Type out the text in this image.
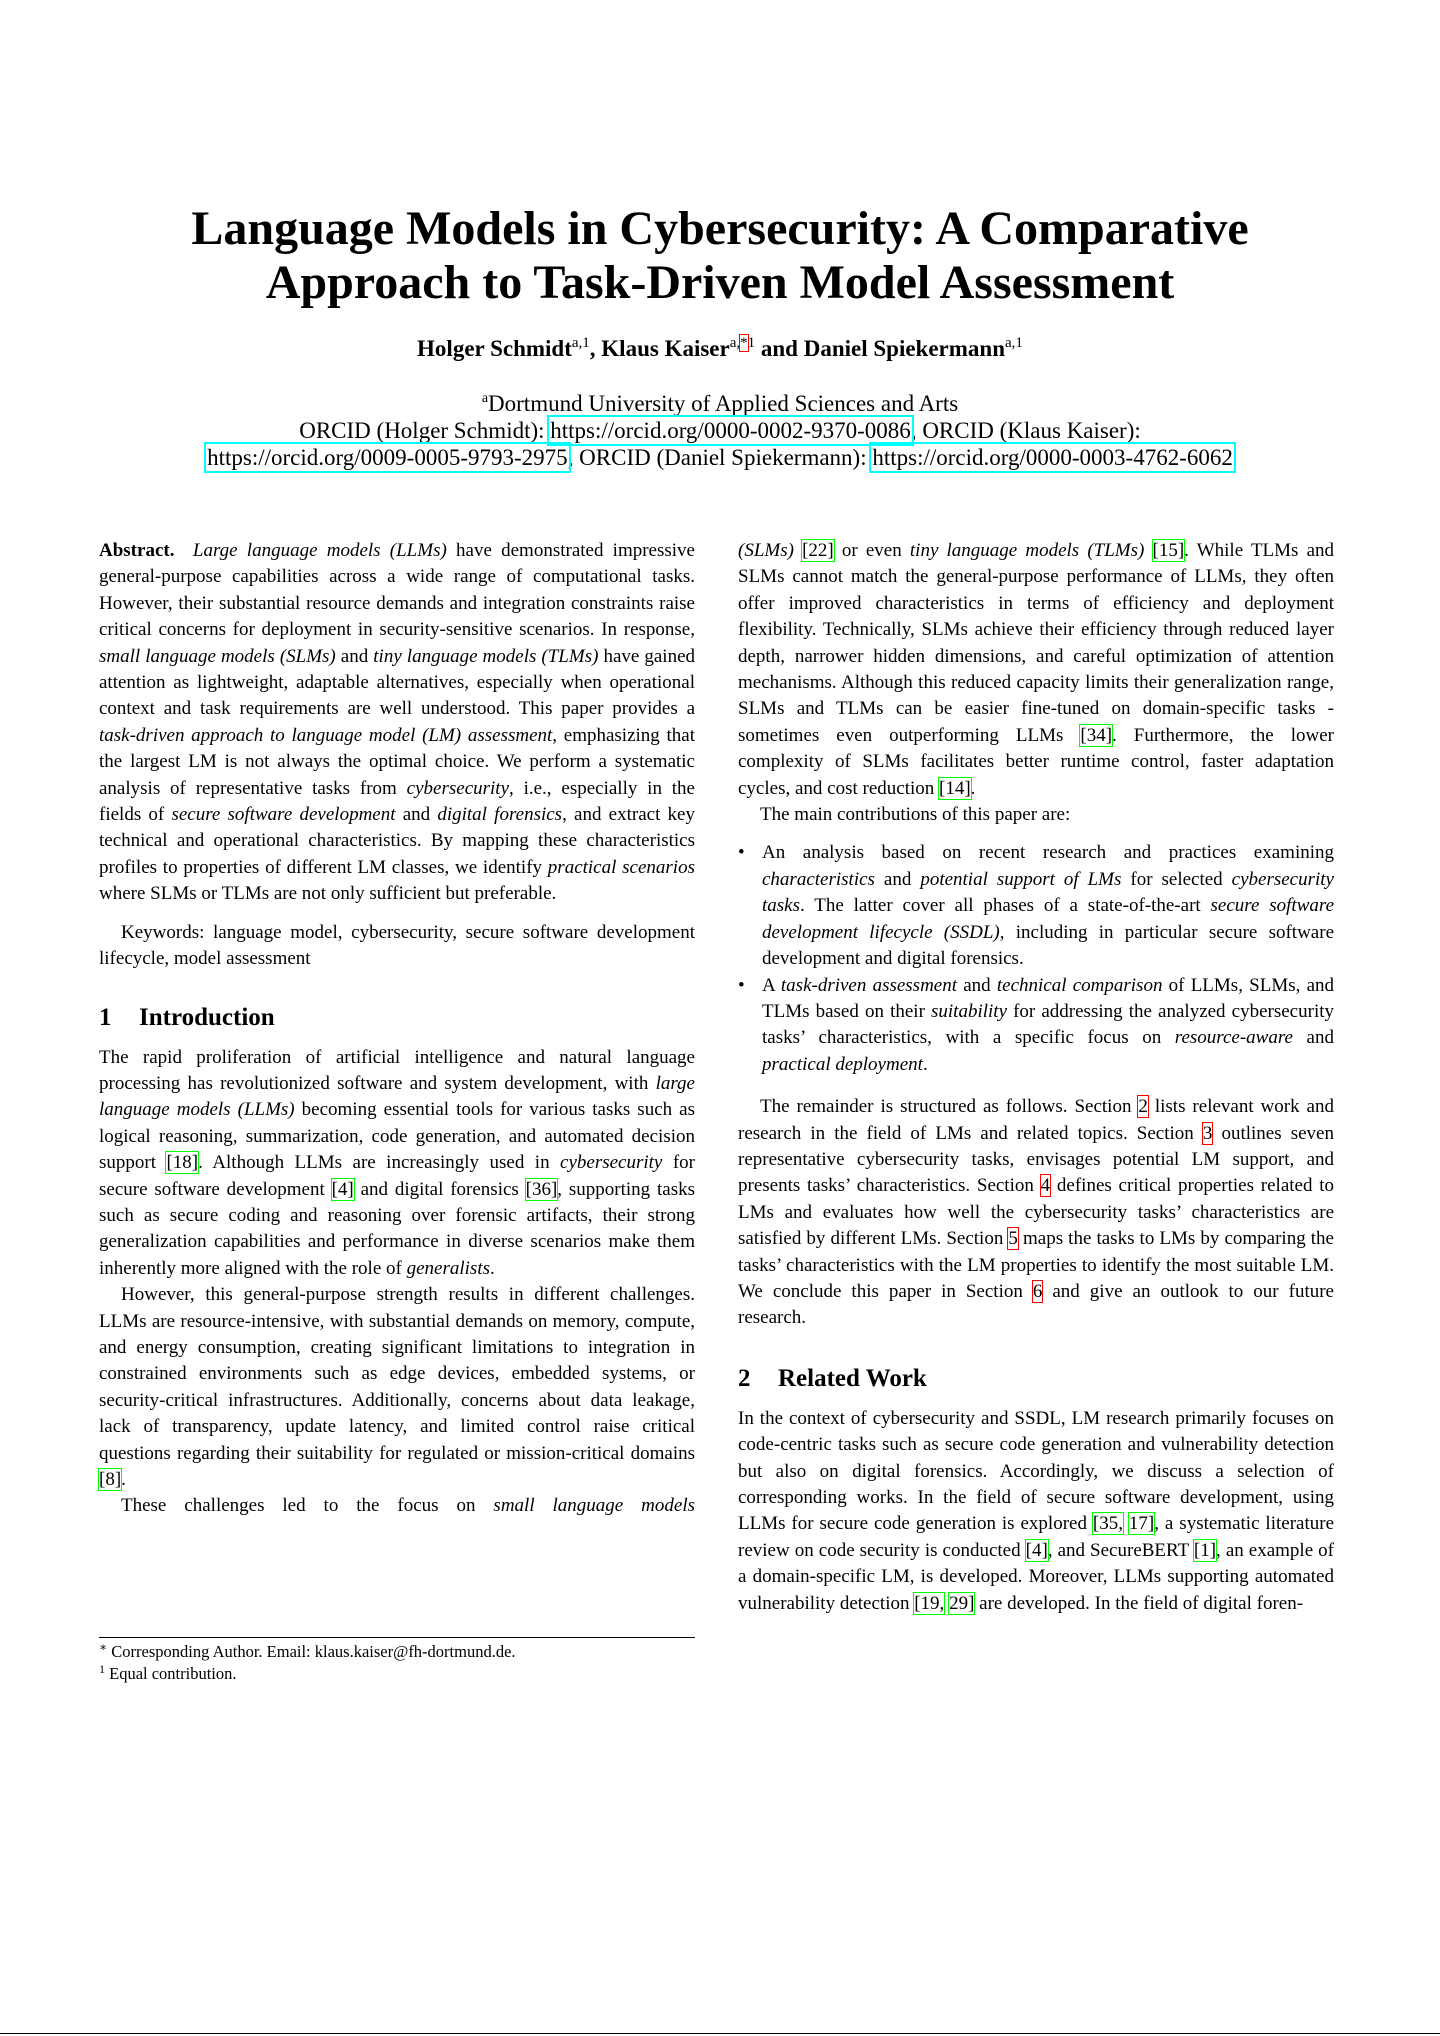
Language Models in Cybersecurity: A Comparative Approach to Task-Driven Model Assessment
Holger Schmidt$^{a,1}$, Klaus Kaiser$^{a,*1}$ and Daniel Spiekermann$^{a,1}$
$^a$Dortmund University of Applied Sciences and Arts
ORCID (Holger Schmidt): https://orcid.org/0000-0002-9370-0086, ORCID (Klaus Kaiser):
https://orcid.org/0009-0005-9793-2975, ORCID (Daniel Spiekermann): https://orcid.org/0000-0003-4762-6062

Abstract. Large language models (LLMs) have demonstrated impressive general-purpose capabilities across a wide range of computational tasks. However, their substantial resource demands and integration constraints raise critical concerns for deployment in security-sensitive scenarios. In response, small language models (SLMs) and tiny language models (TLMs) have gained attention as lightweight, adaptable alternatives, especially when operational context and task requirements are well understood. This paper provides a task-driven approach to language model (LM) assessment, emphasizing that the largest LM is not always the optimal choice. We perform a systematic analysis of representative tasks from cybersecurity, i.e., especially in the fields of secure software development and digital forensics, and extract key technical and operational characteristics. By mapping these characteristics profiles to properties of different LM classes, we identify practical scenarios where SLMs or TLMs are not only sufficient but preferable.

Keywords: language model, cybersecurity, secure software development lifecycle, model assessment

1 Introduction

The rapid proliferation of artificial intelligence and natural language processing has revolutionized software and system development, with large language models (LLMs) becoming essential tools for various tasks such as logical reasoning, summarization, code generation, and automated decision support [18]. Although LLMs are increasingly used in cybersecurity for secure software development [4] and digital forensics [36], supporting tasks such as secure coding and reasoning over forensic artifacts, their strong generalization capabilities and performance in diverse scenarios make them inherently more aligned with the role of generalists.

However, this general-purpose strength results in different challenges. LLMs are resource-intensive, with substantial demands on memory, compute, and energy consumption, creating significant limitations to integration in constrained environments such as edge devices, embedded systems, or security-critical infrastructures. Additionally, concerns about data leakage, lack of transparency, update latency, and limited control raise critical questions regarding their suitability for regulated or mission-critical domains [8].

These challenges led to the focus on small language models

∗ Corresponding Author. Email: klaus.kaiser@fh-dortmund.de.
$^1$ Equal contribution.

(SLMs) [22] or even tiny language models (TLMs) [15]. While TLMs and SLMs cannot match the general-purpose performance of LLMs, they often offer improved characteristics in terms of efficiency and deployment flexibility. Technically, SLMs achieve their efficiency through reduced layer depth, narrower hidden dimensions, and careful optimization of attention mechanisms. Although this reduced capacity limits their generalization range, SLMs and TLMs can be easier fine-tuned on domain-specific tasks - sometimes even outperforming LLMs [34]. Furthermore, the lower complexity of SLMs facilitates better runtime control, faster adaptation cycles, and cost reduction [14].

The main contributions of this paper are:

• An analysis based on recent research and practices examining characteristics and potential support of LMs for selected cybersecurity tasks. The latter cover all phases of a state-of-the-art secure software development lifecycle (SSDL), including in particular secure software development and digital forensics.
• A task-driven assessment and technical comparison of LLMs, SLMs, and TLMs based on their suitability for addressing the analyzed cybersecurity tasks’ characteristics, with a specific focus on resource-aware and practical deployment.

The remainder is structured as follows. Section 2 lists relevant work and research in the field of LMs and related topics. Section 3 outlines seven representative cybersecurity tasks, envisages potential LM support, and presents tasks’ characteristics. Section 4 defines critical properties related to LMs and evaluates how well the cybersecurity tasks’ characteristics are satisfied by different LMs. Section 5 maps the tasks to LMs by comparing the tasks’ characteristics with the LM properties to identify the most suitable LM. We conclude this paper in Section 6 and give an outlook to our future research.

2 Related Work

In the context of cybersecurity and SSDL, LM research primarily focuses on code-centric tasks such as secure code generation and vulnerability detection but also on digital forensics. Accordingly, we discuss a selection of corresponding works. In the field of secure software development, using LLMs for secure code generation is explored [35, 17], a systematic literature review on code security is conducted [4], and SecureBERT [1], an example of a domain-specific LM, is developed. Moreover, LLMs supporting automated vulnerability detection [19, 29] are developed. In the field of digital foren-
